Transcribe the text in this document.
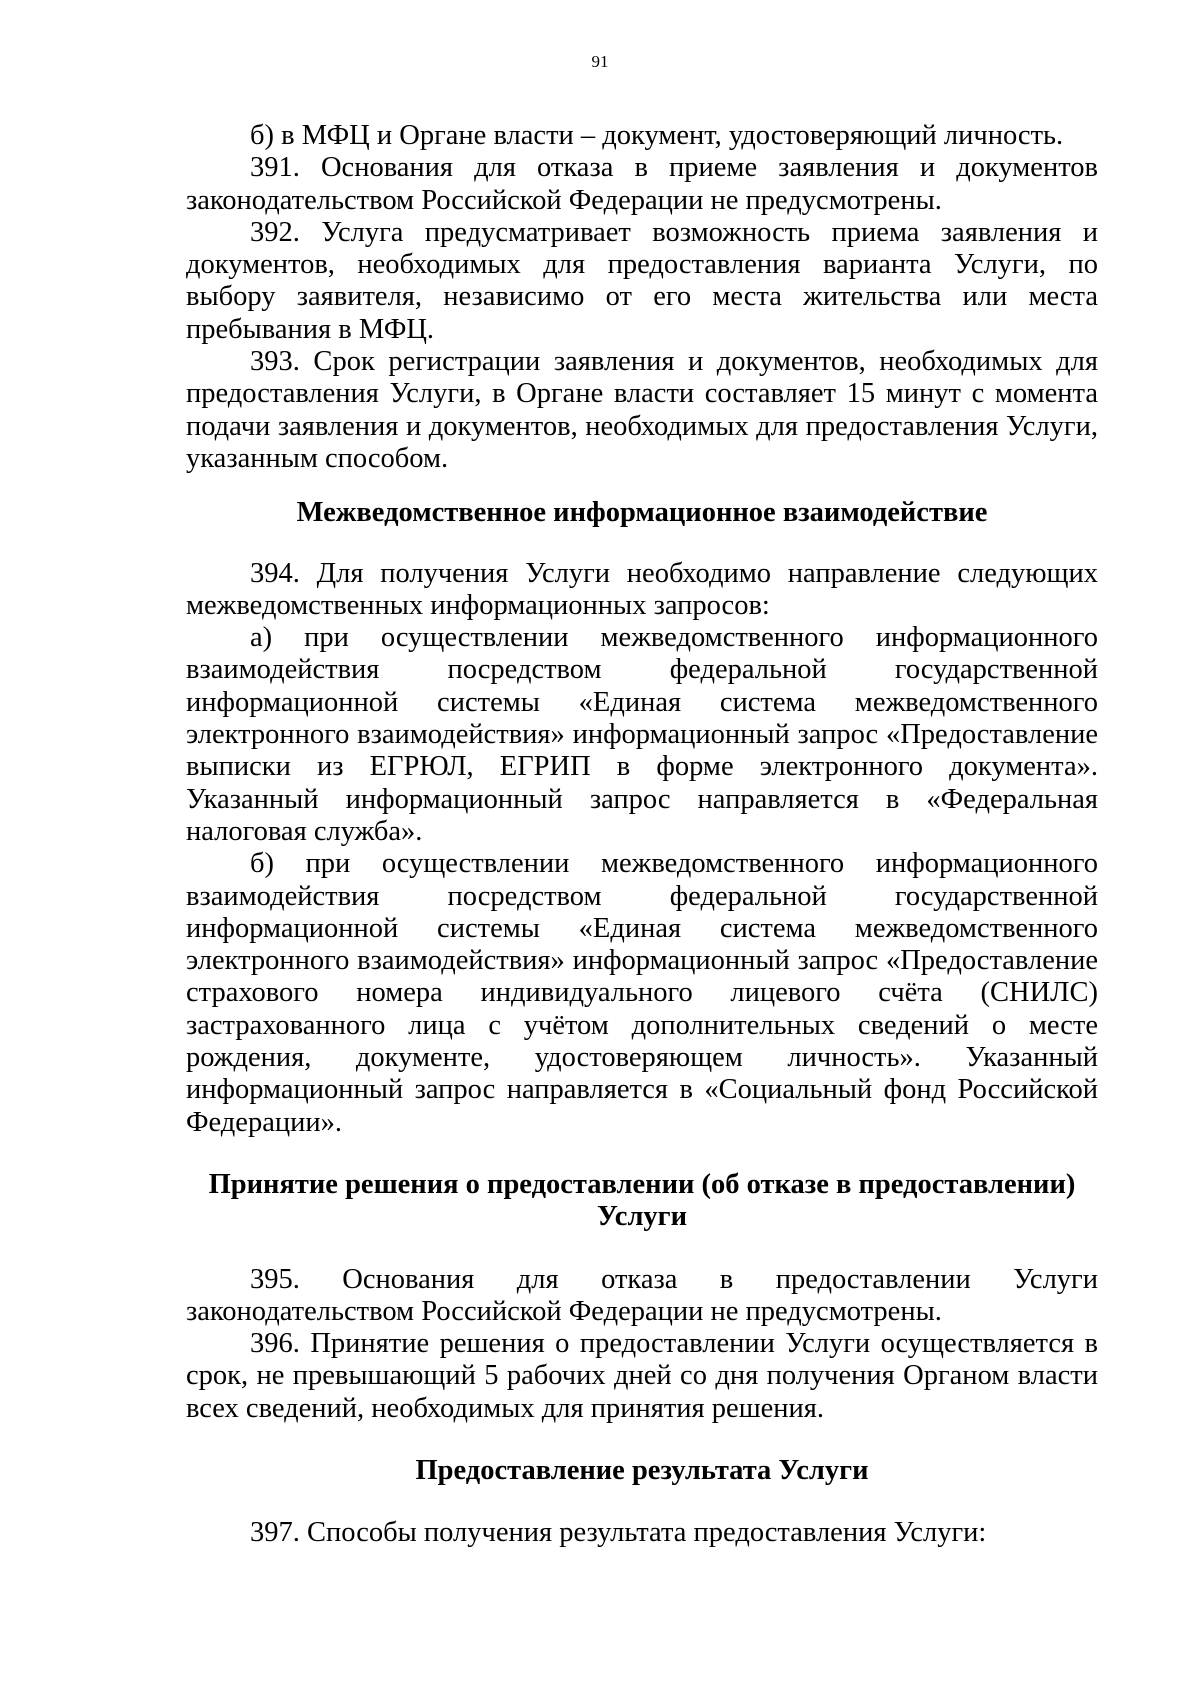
91

б) в МФЦ и Органе власти – документ, удостоверяющий личность.

391. Основания для отказа в приеме заявления и документов законодательством Российской Федерации не предусмотрены.

392. Услуга предусматривает возможность приема заявления и документов, необходимых для предоставления варианта Услуги, по выбору заявителя, независимо от его места жительства или места пребывания в МФЦ.

393. Срок регистрации заявления и документов, необходимых для предоставления Услуги, в Органе власти составляет 15 минут с момента подачи заявления и документов, необходимых для предоставления Услуги, указанным способом.

Межведомственное информационное взаимодействие

394. Для получения Услуги необходимо направление следующих межведомственных информационных запросов:

а) при осуществлении межведомственного информационного взаимодействия посредством федеральной государственной информационной системы «Единая система межведомственного электронного взаимодействия» информационный запрос «Предоставление выписки из ЕГРЮЛ, ЕГРИП в форме электронного документа». Указанный информационный запрос направляется в «Федеральная налоговая служба».

б) при осуществлении межведомственного информационного взаимодействия посредством федеральной государственной информационной системы «Единая система межведомственного электронного взаимодействия» информационный запрос «Предоставление страхового номера индивидуального лицевого счёта (СНИЛС) застрахованного лица с учётом дополнительных сведений о месте рождения, документе, удостоверяющем личность». Указанный информационный запрос направляется в «Социальный фонд Российской Федерации».

Принятие решения о предоставлении (об отказе в предоставлении)

Услуги

395. Основания для отказа в предоставлении Услуги законодательством Российской Федерации не предусмотрены.

396. Принятие решения о предоставлении Услуги осуществляется в срок, не превышающий 5 рабочих дней со дня получения Органом власти всех сведений, необходимых для принятия решения.

Предоставление результата Услуги

397. Способы получения результата предоставления Услуги:
